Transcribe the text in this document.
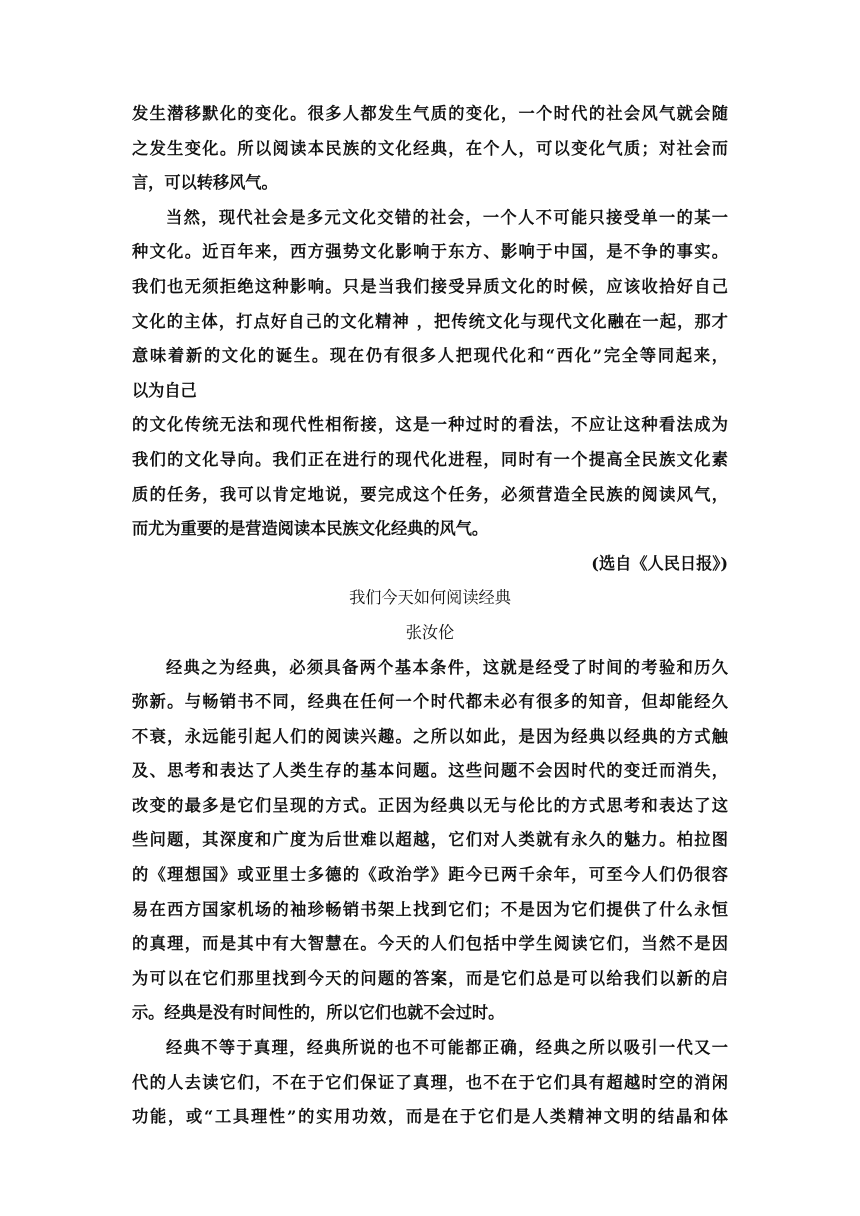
发生潜移默化的变化。很多人都发生气质的变化，一个时代的社会风气就会随
之发生变化。所以阅读本民族的文化经典，在个人，可以变化气质；对社会而
言，可以转移风气。
当然，现代社会是多元文化交错的社会，一个人不可能只接受单一的某一
种文化。近百年来，西方强势文化影响于东方、影响于中国，是不争的事实。
我们也无须拒绝这种影响。只是当我们接受异质文化的时候，应该收拾好自己
文化的主体，打点好自己的文化精神 ，把传统文化与现代文化融在一起，那才
意味着新的文化的诞生。现在仍有很多人把现代化和“西化”完全等同起来，
以为自己
的文化传统无法和现代性相衔接，这是一种过时的看法，不应让这种看法成为
我们的文化导向。我们正在进行的现代化进程，同时有一个提高全民族文化素
质的任务，我可以肯定地说，要完成这个任务，必须营造全民族的阅读风气，
而尤为重要的是营造阅读本民族文化经典的风气。
(选自《人民日报》)
我们今天如何阅读经典
张汝伦
经典之为经典，必须具备两个基本条件，这就是经受了时间的考验和历久
弥新。与畅销书不同，经典在任何一个时代都未必有很多的知音，但却能经久
不衰，永远能引起人们的阅读兴趣。之所以如此，是因为经典以经典的方式触
及、思考和表达了人类生存的基本问题。这些问题不会因时代的变迁而消失，
改变的最多是它们呈现的方式。正因为经典以无与伦比的方式思考和表达了这
些问题，其深度和广度为后世难以超越，它们对人类就有永久的魅力。柏拉图
的《理想国》或亚里士多德的《政治学》距今已两千余年，可至今人们仍很容
易在西方国家机场的袖珍畅销书架上找到它们；不是因为它们提供了什么永恒
的真理，而是其中有大智慧在。今天的人们包括中学生阅读它们，当然不是因
为可以在它们那里找到今天的问题的答案，而是它们总是可以给我们以新的启
示。经典是没有时间性的，所以它们也就不会过时。
经典不等于真理，经典所说的也不可能都正确，经典之所以吸引一代又一
代的人去读它们，不在于它们保证了真理，也不在于它们具有超越时空的消闲
功能，或“工具理性”的实用功效，而是在于它们是人类精神文明的结晶和体
